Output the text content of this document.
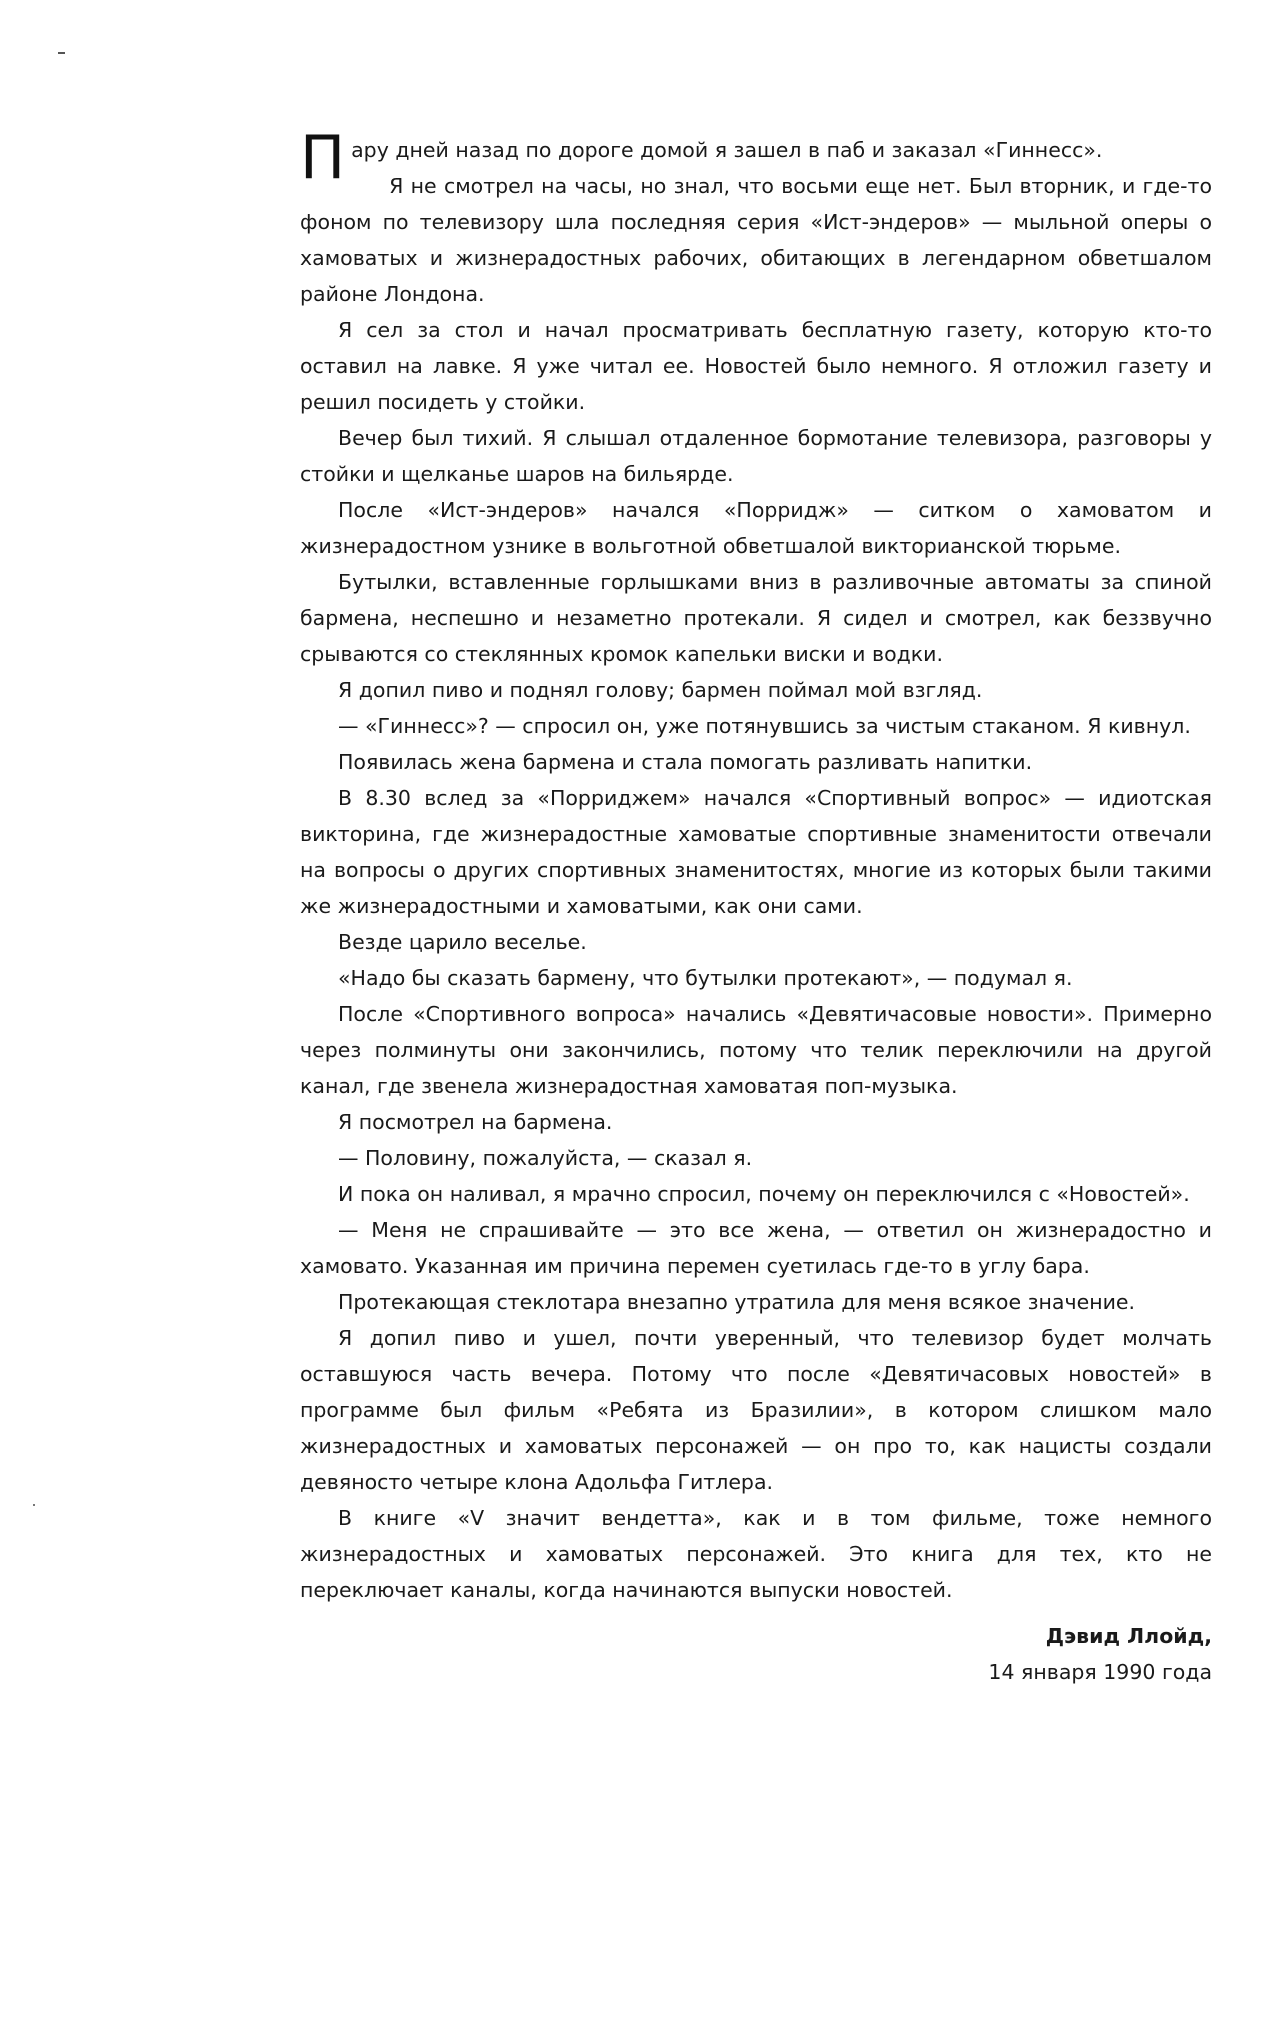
Пару дней назад по дороге домой я зашел в паб и заказал «Гиннесс».

Я не смотрел на часы, но знал, что восьми еще нет. Был вторник, и где-то фоном по телевизору шла последняя серия «Ист-эндеров» — мыльной оперы о хамоватых и жизнерадостных рабочих, обитающих в легендарном обветшалом районе Лондона.

Я сел за стол и начал просматривать бесплатную газету, которую кто-то оставил на лавке. Я уже читал ее. Новостей было немного. Я отложил газету и решил посидеть у стойки.

Вечер был тихий. Я слышал отдаленное бормотание телевизора, разговоры у стойки и щелканье шаров на бильярде.

После «Ист-эндеров» начался «Порридж» — ситком о хамоватом и жизнерадостном узнике в вольготной обветшалой викторианской тюрьме.

Бутылки, вставленные горлышками вниз в разливочные автоматы за спиной бармена, неспешно и незаметно протекали. Я сидел и смотрел, как беззвучно срываются со стеклянных кромок капельки виски и водки.

Я допил пиво и поднял голову; бармен поймал мой взгляд.

— «Гиннесс»? — спросил он, уже потянувшись за чистым стаканом. Я кивнул.

Появилась жена бармена и стала помогать разливать напитки.

В 8.30 вслед за «Порриджем» начался «Спортивный вопрос» — идиотская викторина, где жизнерадостные хамоватые спортивные знаменитости отвечали на вопросы о других спортивных знаменитостях, многие из которых были такими же жизнерадостными и хамоватыми, как они сами.

Везде царило веселье.

«Надо бы сказать бармену, что бутылки протекают», — подумал я.

После «Спортивного вопроса» начались «Девятичасовые новости». Примерно через полминуты они закончились, потому что телик переключили на другой канал, где звенела жизнерадостная хамоватая поп-музыка.

Я посмотрел на бармена.

— Половину, пожалуйста, — сказал я.

И пока он наливал, я мрачно спросил, почему он переключился с «Новостей».

— Меня не спрашивайте — это все жена, — ответил он жизнерадостно и хамовато. Указанная им причина перемен суетилась где-то в углу бара.

Протекающая стеклотара внезапно утратила для меня всякое значение.

Я допил пиво и ушел, почти уверенный, что телевизор будет молчать оставшуюся часть вечера. Потому что после «Девятичасовых новостей» в программе был фильм «Ребята из Бразилии», в котором слишком мало жизнерадостных и хамоватых персонажей — он про то, как нацисты создали девяносто четыре клона Адольфа Гитлера.

В книге «V значит вендетта», как и в том фильме, тоже немного жизнерадостных и хамоватых персонажей. Это книга для тех, кто не переключает каналы, когда начинаются выпуски новостей.

Дэвид Ллойд,
14 января 1990 года
